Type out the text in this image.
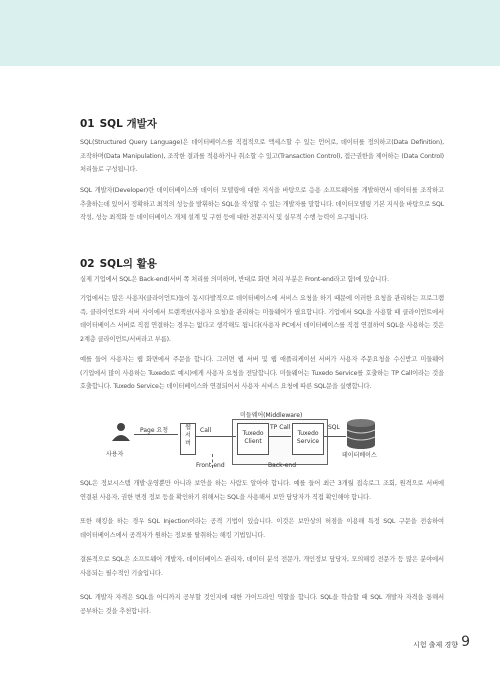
01 SQL 개발자
SQL(Structured Query Language)은 데이터베이스를 직접적으로 액세스할 수 있는 언어로, 데이터를 정의하고(Data Definition), 조작하며(Data Manipulation), 조작한 결과를 적용하거나 취소할 수 있고(Transaction Control), 접근권한을 제어하는 (Data Control) 처리들로 구성됩니다.
SQL 개발자(Developer)란 데이터베이스와 데이터 모델링에 대한 지식을 바탕으로 응용 소프트웨어를 개발하면서 데이터를 조작하고 추출하는데 있어서 정확하고 최적의 성능을 발휘하는 SQL을 작성할 수 있는 개발자를 말합니다. 데이터모델링 기본 지식을 바탕으로 SQL 작성, 성능 최적화 등 데이터베이스 개체 설계 및 구현 등에 대한 전문지식 및 실무적 수행 능력이 요구됩니다.
02 SQL의 활용
실제 기업에서 SQL은 Back-end(서버 쪽 처리를 의미하며, 반대로 화면 처리 부분은 Front-end라고 함)에 있습니다.
기업에서는 많은 사용자(클라이언트)들이 동시다발적으로 데이터베이스에 서비스 요청을 하기 때문에 이러한 요청을 관리하는 프로그램 즉, 클라이언트와 서버 사이에서 트랜잭션(사용자 요청)을 관리하는 미들웨어가 필요합니다. 기업에서 SQL을 사용할 때 클라이언트에서 데이터베이스 서버로 직접 연결하는 경우는 없다고 생각해도 됩니다(사용자 PC에서 데이터베이스를 직접 연결하여 SQL을 사용하는 것은 2계층 클라이언트/서버라고 부름).
예를 들어 사용자는 웹 화면에서 주문을 합니다. 그러면 웹 서버 및 웹 애플리케이션 서버가 사용자 주문요청을 수신받고 미들웨어(기업에서 많이 사용하는 Tuxedo로 예시)에게 사용자 요청을 전달합니다. 미들웨어는 Tuxedo Service를 호출하는 TP Call이라는 것을 호출합니다. Tuxedo Service는 데이터베이스와 연결되어서 사용자 서비스 요청에 따른 SQL문을 실행합니다.
SQL은 정보시스템 개발·운영뿐만 아니라 보안을 하는 사람도 알아야 합니다. 예를 들어 최근 3개월 접속로그 조회, 원격으로 서버에 연결된 사용자, 권한 변경 정보 등을 확인하기 위해서는 SQL을 사용해서 보안 담당자가 직접 확인해야 합니다.
또한 해킹을 하는 경우 SQL Injection이라는 공격 기법이 있습니다. 이것은 보안상의 허점을 이용해 특정 SQL 구문을 전송하여 데이터베이스에서 공격자가 원하는 정보를 탈취하는 해킹 기법입니다.
결론적으로 SQL은 소프트웨어 개발자, 데이터베이스 관리자, 데이터 분석 전문가, 개인정보 담당자, 모의해킹 전문가 등 많은 분야에서 사용되는 필수적인 기술입니다.
SQL 개발자 자격은 SQL을 어디까지 공부할 것인지에 대한 가이드라인 역할을 합니다. SQL을 학습할 때 SQL 개발자 자격을 통해서 공부하는 것을 추천합니다.
미들웨어(Middleware)
사용자
Page 요청	웹
서
버
Call	Tuxedo
Client
TP Call
Tuxedo
Service
SQL
데이터베이스
Front-end	Back-end
시험 출제 경향 9
